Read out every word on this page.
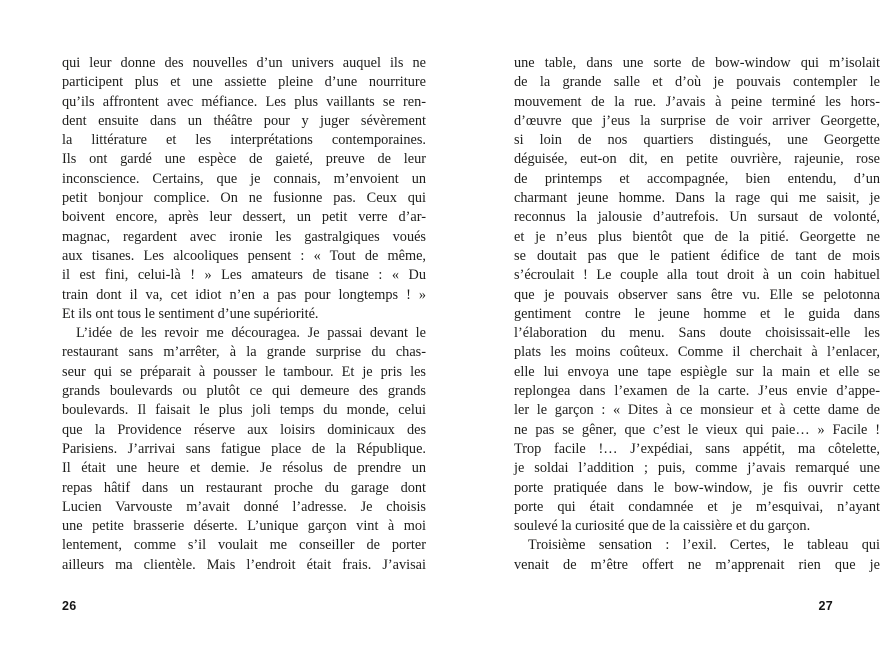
qui leur donne des nouvelles d’un univers auquel ils ne
participent plus et une assiette pleine d’une nourriture
qu’ils affrontent avec méfiance. Les plus vaillants se ren-
dent ensuite dans un théâtre pour y juger sévèrement
la littérature et les interprétations contemporaines.
Ils ont gardé une espèce de gaieté, preuve de leur
inconscience. Certains, que je connais, m’envoient un
petit bonjour complice. On ne fusionne pas. Ceux qui
boivent encore, après leur dessert, un petit verre d’ar-
magnac, regardent avec ironie les gastralgiques voués
aux tisanes. Les alcooliques pensent : « Tout de même,
il est fini, celui-là ! » Les amateurs de tisane : « Du
train dont il va, cet idiot n’en a pas pour longtemps ! »
Et ils ont tous le sentiment d’une supériorité.
L’idée de les revoir me découragea. Je passai devant le
restaurant sans m’arrêter, à la grande surprise du chas-
seur qui se préparait à pousser le tambour. Et je pris les
grands boulevards ou plutôt ce qui demeure des grands
boulevards. Il faisait le plus joli temps du monde, celui
que la Providence réserve aux loisirs dominicaux des
Parisiens. J’arrivai sans fatigue place de la République.
Il était une heure et demie. Je résolus de prendre un
repas hâtif dans un restaurant proche du garage dont
Lucien Varvouste m’avait donné l’adresse. Je choisis
une petite brasserie déserte. L’unique garçon vint à moi
lentement, comme s’il voulait me conseiller de porter
ailleurs ma clientèle. Mais l’endroit était frais. J’avisai
26
une table, dans une sorte de bow-window qui m’isolait
de la grande salle et d’où je pouvais contempler le
mouvement de la rue. J’avais à peine terminé les hors-
d’œuvre que j’eus la surprise de voir arriver Georgette,
si loin de nos quartiers distingués, une Georgette
déguisée, eut-on dit, en petite ouvrière, rajeunie, rose
de printemps et accompagnée, bien entendu, d’un
charmant jeune homme. Dans la rage qui me saisit, je
reconnus la jalousie d’autrefois. Un sursaut de volonté,
et je n’eus plus bientôt que de la pitié. Georgette ne
se doutait pas que le patient édifice de tant de mois
s’écroulait ! Le couple alla tout droit à un coin habituel
que je pouvais observer sans être vu. Elle se pelotonna
gentiment contre le jeune homme et le guida dans
l’élaboration du menu. Sans doute choisissait-elle les
plats les moins coûteux. Comme il cherchait à l’enlacer,
elle lui envoya une tape espiègle sur la main et elle se
replongea dans l’examen de la carte. J’eus envie d’appe-
ler le garçon : « Dites à ce monsieur et à cette dame de
ne pas se gêner, que c’est le vieux qui paie… » Facile !
Trop facile !… J’expédiai, sans appétit, ma côtelette,
je soldai l’addition ; puis, comme j’avais remarqué une
porte pratiquée dans le bow-window, je fis ouvrir cette
porte qui était condamnée et je m’esquivai, n’ayant
soulevé la curiosité que de la caissière et du garçon.
Troisième sensation : l’exil. Certes, le tableau qui
venait de m’être offert ne m’apprenait rien que je
27
